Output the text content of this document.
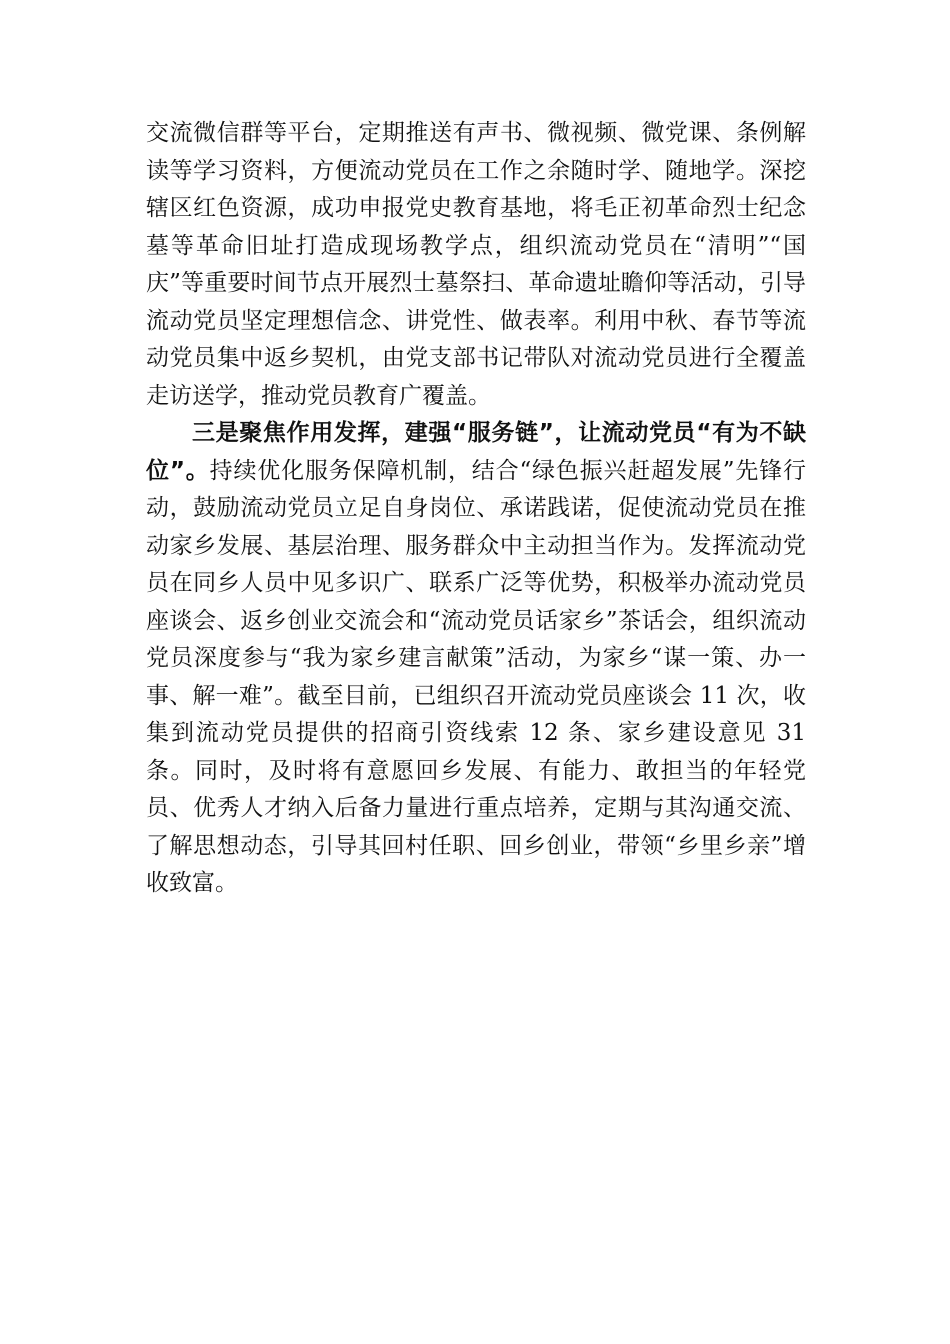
交流微信群等平台，定期推送有声书、微视频、微党课、条例解读等学习资料，方便流动党员在工作之余随时学、随地学。深挖辖区红色资源，成功申报党史教育基地，将毛正初革命烈士纪念墓等革命旧址打造成现场教学点，组织流动党员在“清明”“国庆”等重要时间节点开展烈士墓祭扫、革命遗址瞻仰等活动，引导流动党员坚定理想信念、讲党性、做表率。利用中秋、春节等流动党员集中返乡契机，由党支部书记带队对流动党员进行全覆盖走访送学，推动党员教育广覆盖。

三是聚焦作用发挥，建强“服务链”，让流动党员“有为不缺位”。持续优化服务保障机制，结合“绿色振兴赶超发展”先锋行动，鼓励流动党员立足自身岗位、承诺践诺，促使流动党员在推动家乡发展、基层治理、服务群众中主动担当作为。发挥流动党员在同乡人员中见多识广、联系广泛等优势，积极举办流动党员座谈会、返乡创业交流会和“流动党员话家乡”茶话会，组织流动党员深度参与“我为家乡建言献策”活动，为家乡“谋一策、办一事、解一难”。截至目前，已组织召开流动党员座谈会 11 次，收集到流动党员提供的招商引资线索 12 条、家乡建设意见 31 条。同时，及时将有意愿回乡发展、有能力、敢担当的年轻党员、优秀人才纳入后备力量进行重点培养，定期与其沟通交流、了解思想动态，引导其回村任职、回乡创业，带领“乡里乡亲”增收致富。
